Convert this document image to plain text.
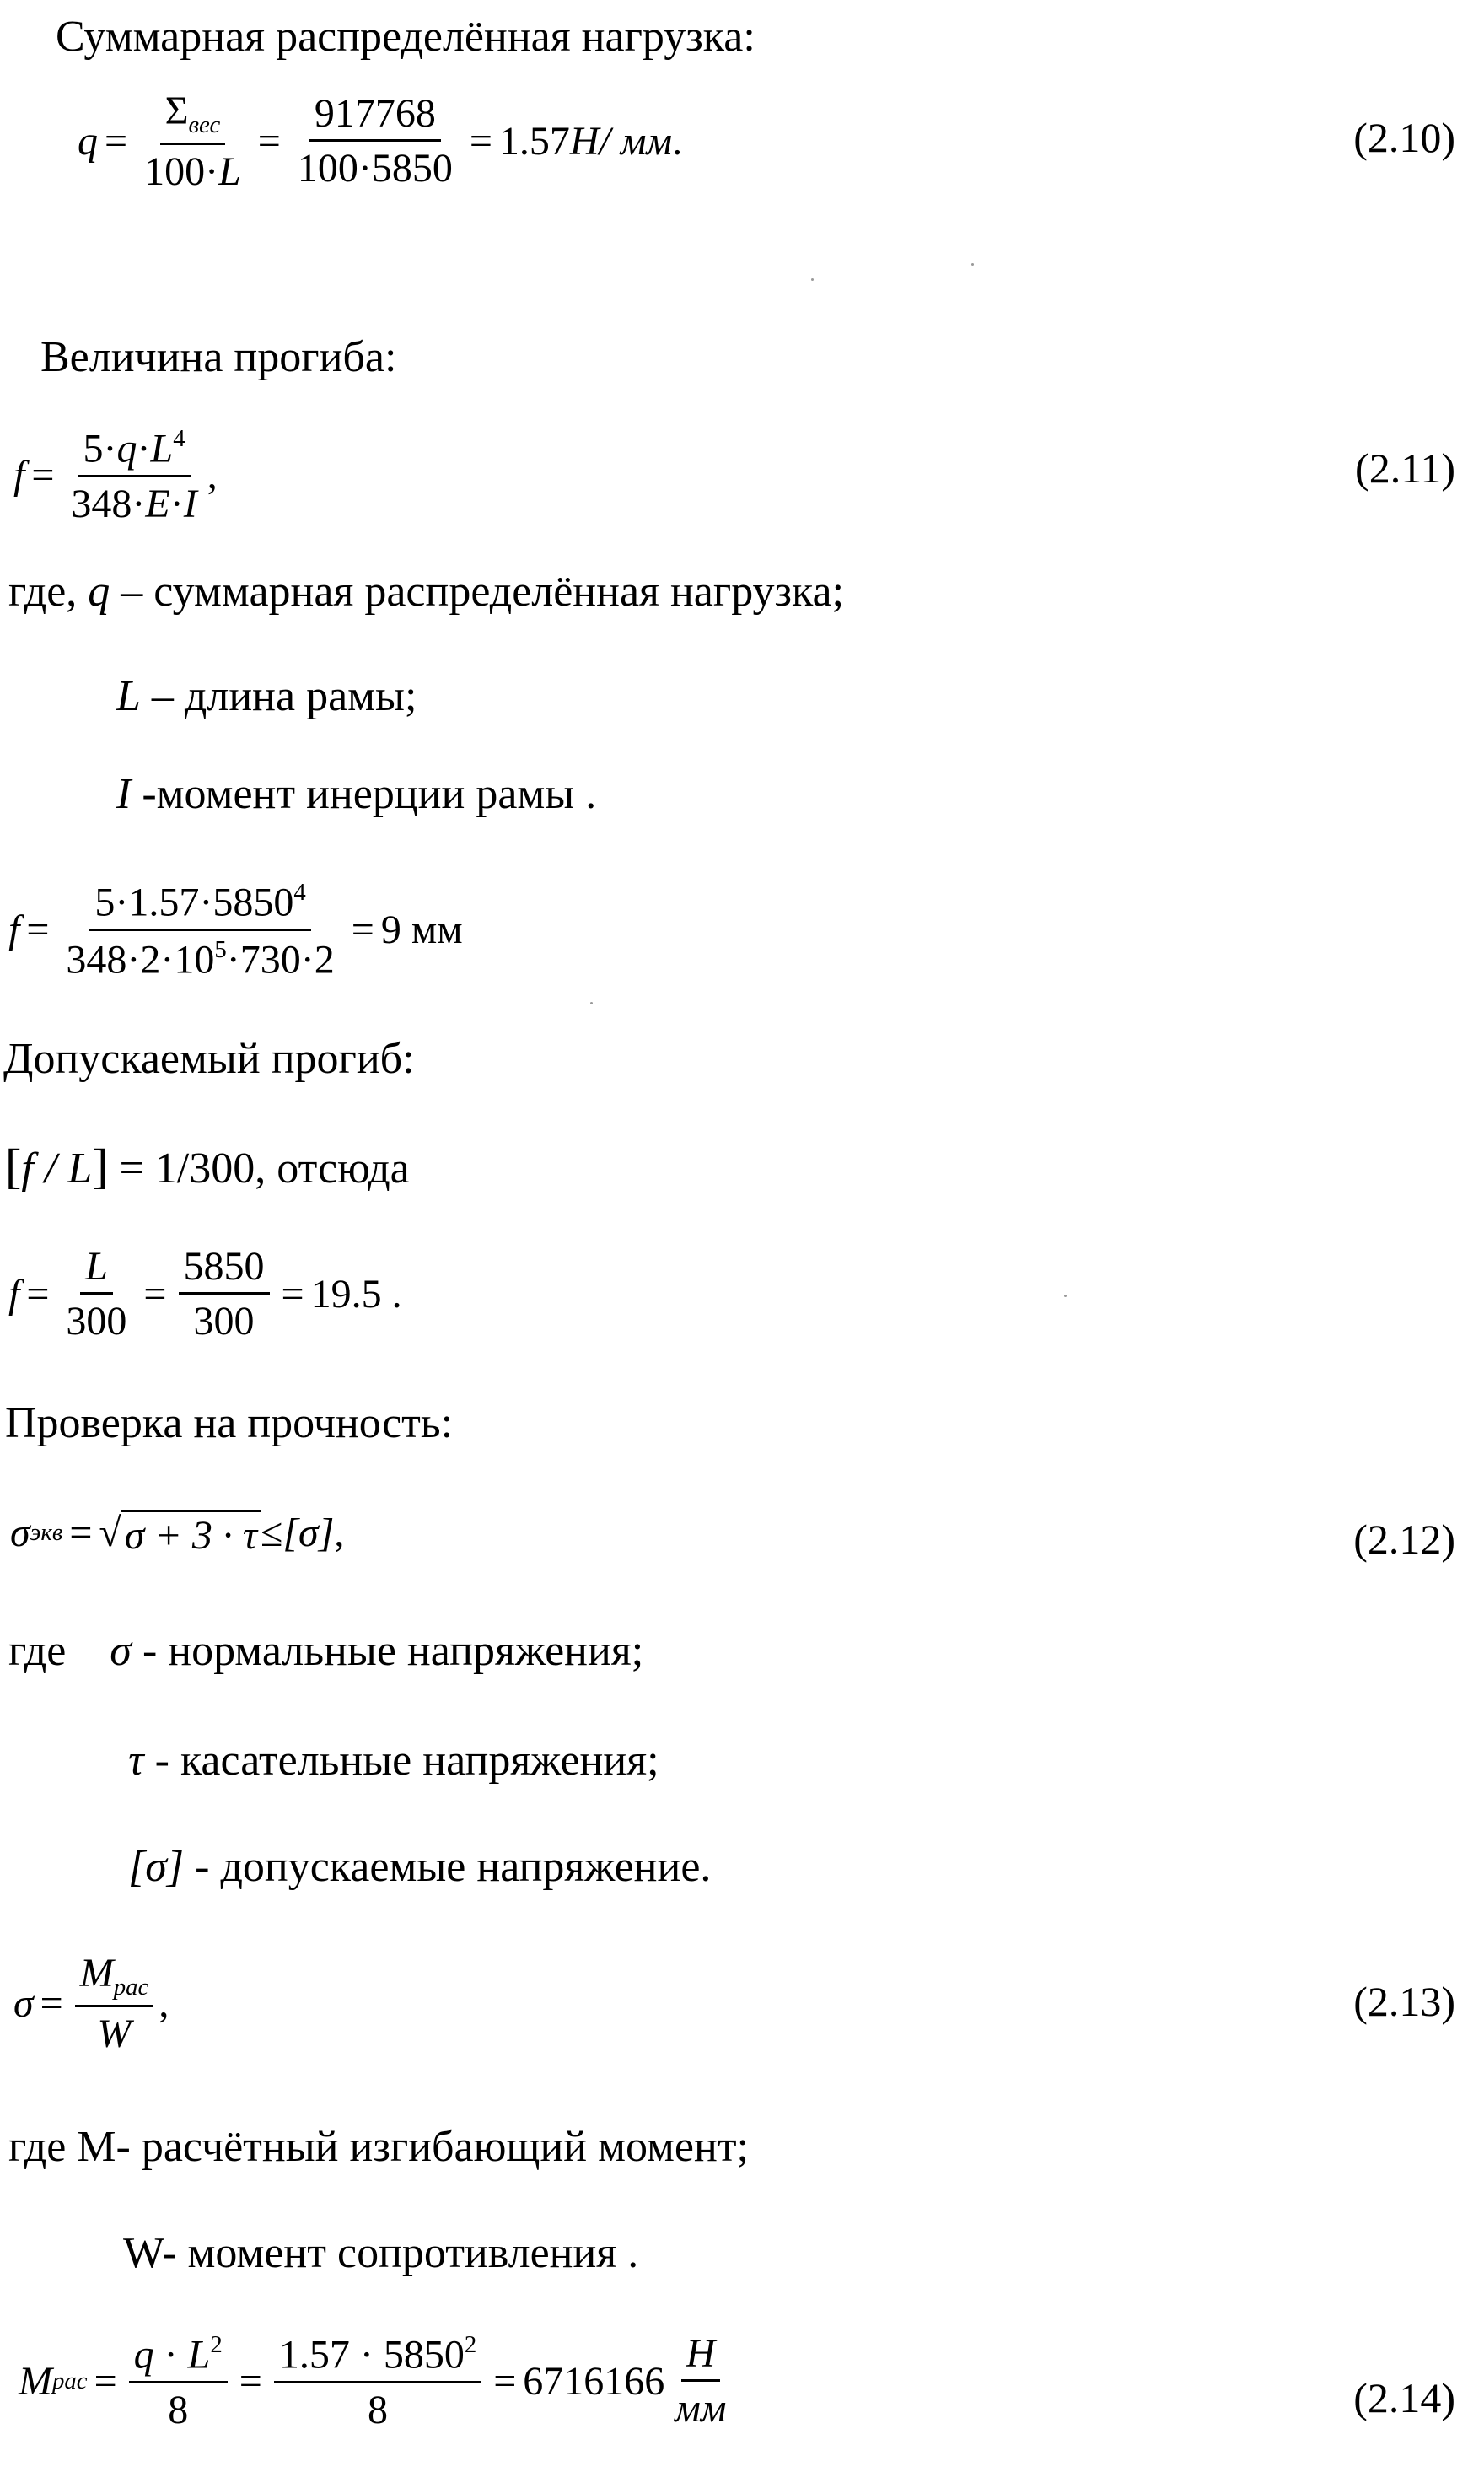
Суммарная распределённая нагрузка:
$q = \frac{\Sigma_{вес}}{100\cdot L} = \frac{917768}{100\cdot 5850} = 1.57$ Н / мм .	(2.10)
Величина прогиба:
$f = \frac{5\cdot q\cdot L^4}{348\cdot E\cdot I}$ ,	(2.11)
где, q – суммарная распределённая нагрузка;
L – длина рамы;
I -момент инерции рамы .
$f = \frac{5\cdot 1.57\cdot 5850^4}{348\cdot 2\cdot 10^5\cdot 730\cdot 2} = 9$ мм
Допускаемый прогиб:
[f / L] = 1/300, отсюда
$f = \frac{L}{300} = \frac{5850}{300} = 19.5$ .
Проверка на прочность:
σ экв = √ σ + 3 · τ ≤ [σ] ,	(2.12)
где σ - нормальные напряжения;
τ - касательные напряжения;
[σ] - допускаемые напряжение.
$\sigma = \frac{M_{рас}}{W}$ ,	(2.13)
где M- расчётный изгибающий момент;
W- момент сопротивления .
M рас = $\frac{q \cdot L^2}{8} = \frac{1.57 \cdot 5850^2}{8} = 6716166 \frac{Н}{мм}$	(2.14)
